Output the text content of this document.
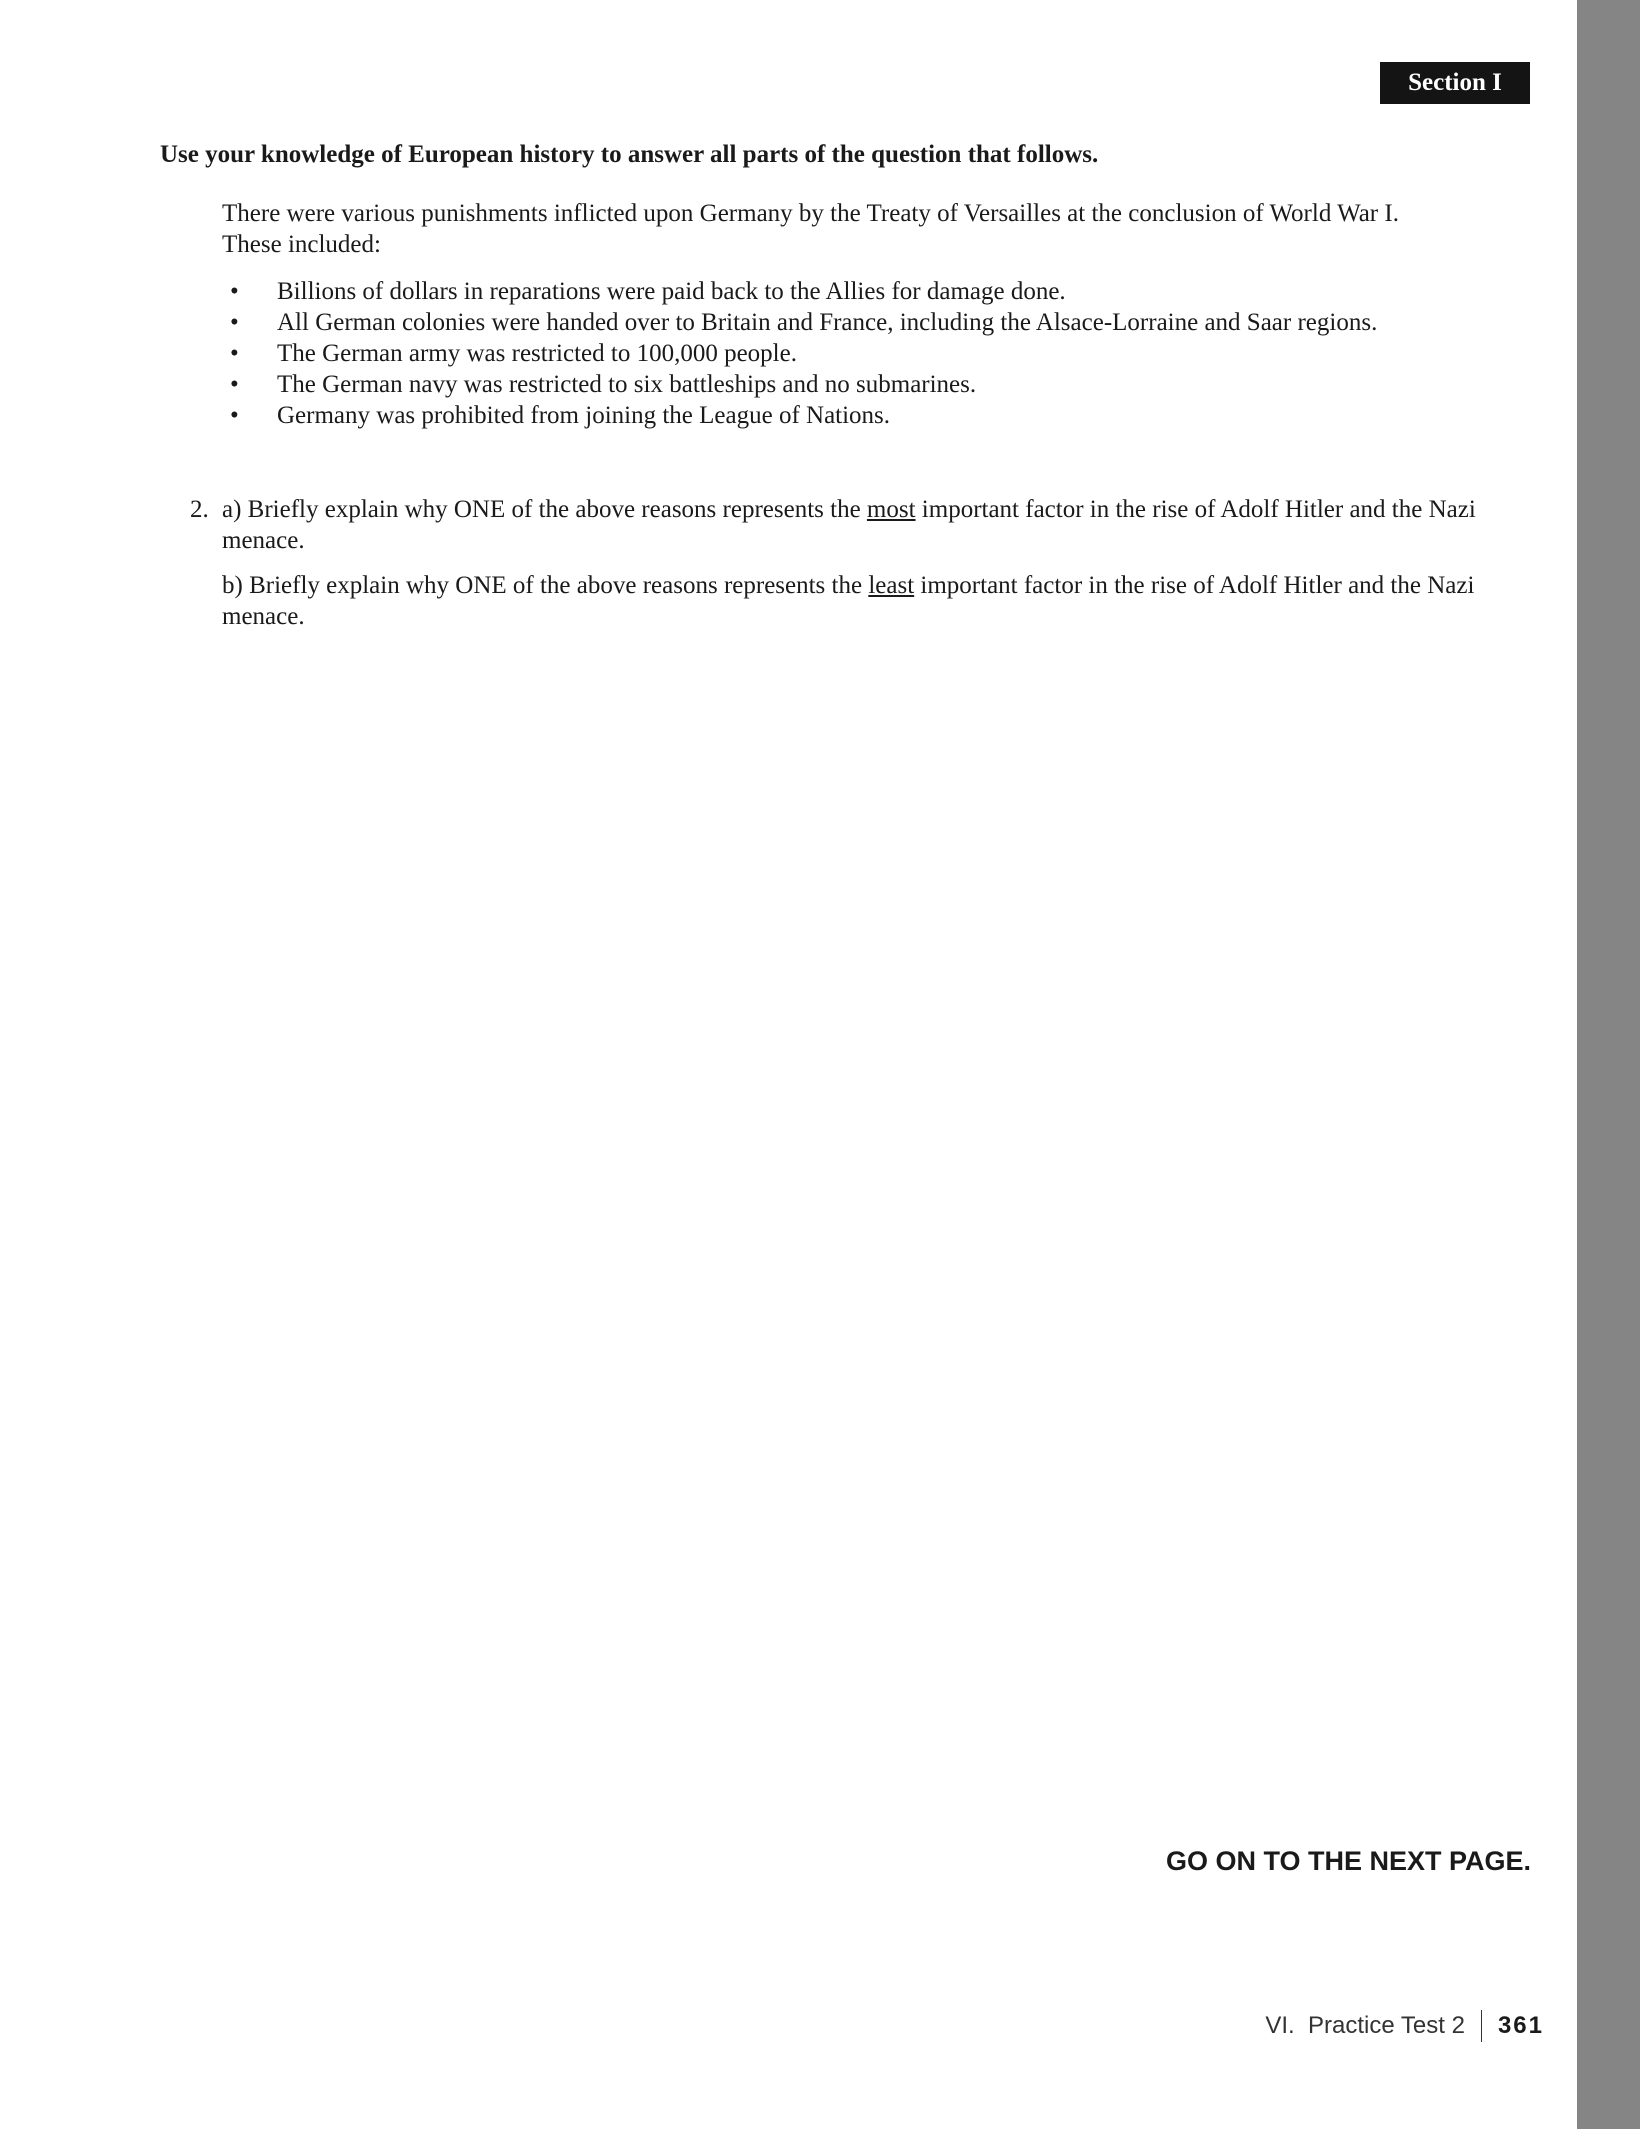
Section I
Use your knowledge of European history to answer all parts of the question that follows.

There were various punishments inflicted upon Germany by the Treaty of Versailles at the conclusion of World War I.

These included:

• Billions of dollars in reparations were paid back to the Allies for damage done.
• All German colonies were handed over to Britain and France, including the Alsace-Lorraine and Saar regions.
• The German army was restricted to 100,000 people.
• The German navy was restricted to six battleships and no submarines.
• Germany was prohibited from joining the League of Nations.
2. a) Briefly explain why ONE of the above reasons represents the most important factor in the rise of Adolf Hitler and the Nazi menace.

b) Briefly explain why ONE of the above reasons represents the least important factor in the rise of Adolf Hitler and the Nazi menace.

GO ON TO THE NEXT PAGE.
VI.  Practice Test 2 361
